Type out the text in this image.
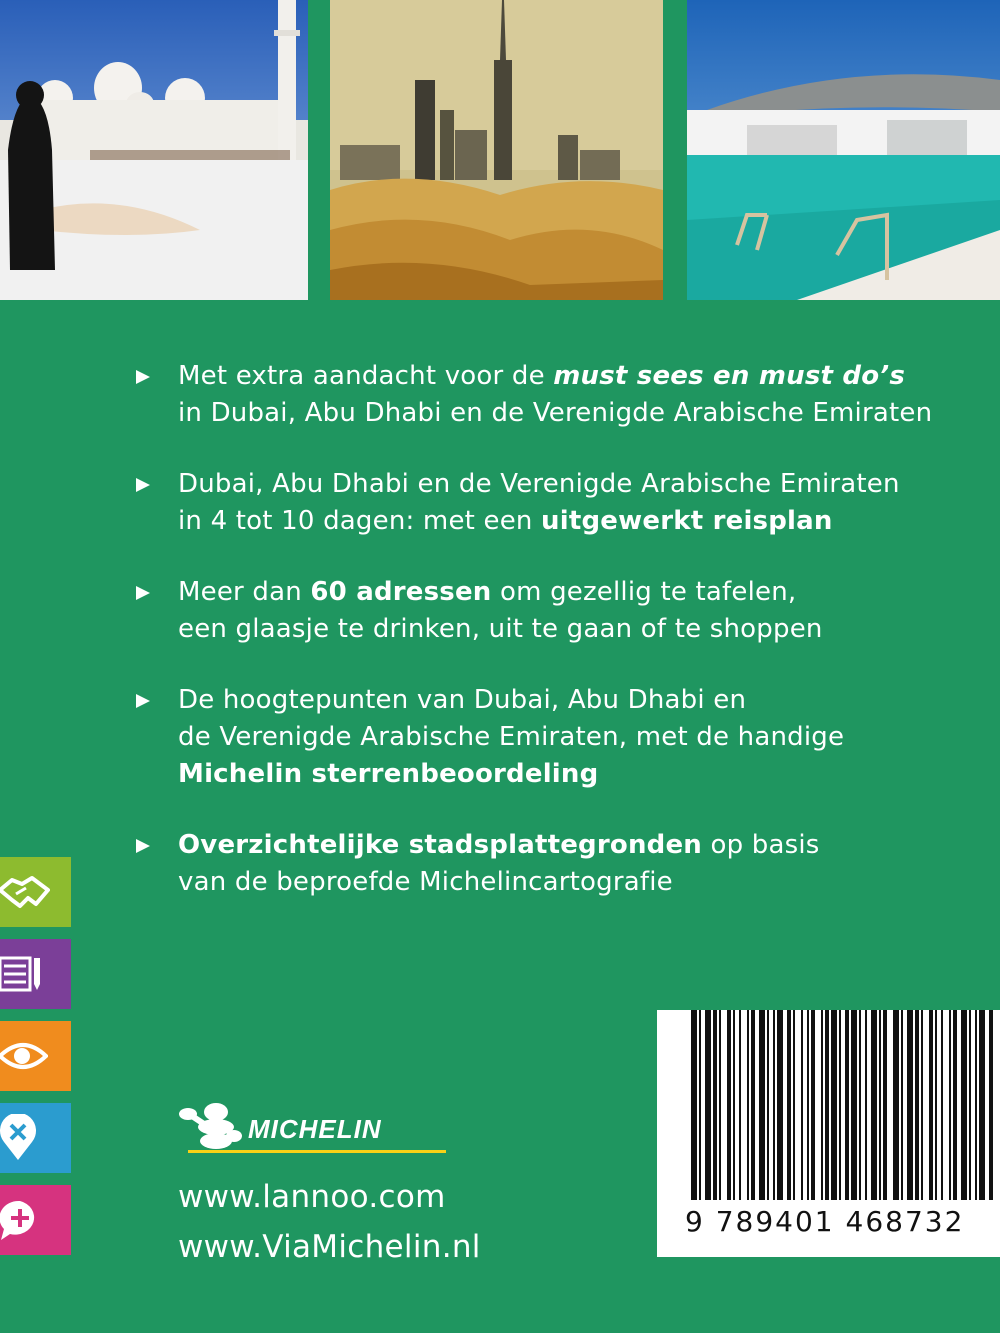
Met extra aandacht voor de must sees en must do’s
in Dubai, Abu Dhabi en de Verenigde Arabische Emiraten

Dubai, Abu Dhabi en de Verenigde Arabische Emiraten
in 4 tot 10 dagen: met een uitgewerkt reisplan

Meer dan 60 adressen om gezellig te tafelen,
een glaasje te drinken, uit te gaan of te shoppen

De hoogtepunten van Dubai, Abu Dhabi en
de Verenigde Arabische Emiraten, met de handige
Michelin sterrenbeoordeling

Overzichtelijke stadsplattegronden op basis
van de beproefde Michelincartografie

MICHELIN
www.lannoo.com
www.ViaMichelin.nl
9 789401 468732
